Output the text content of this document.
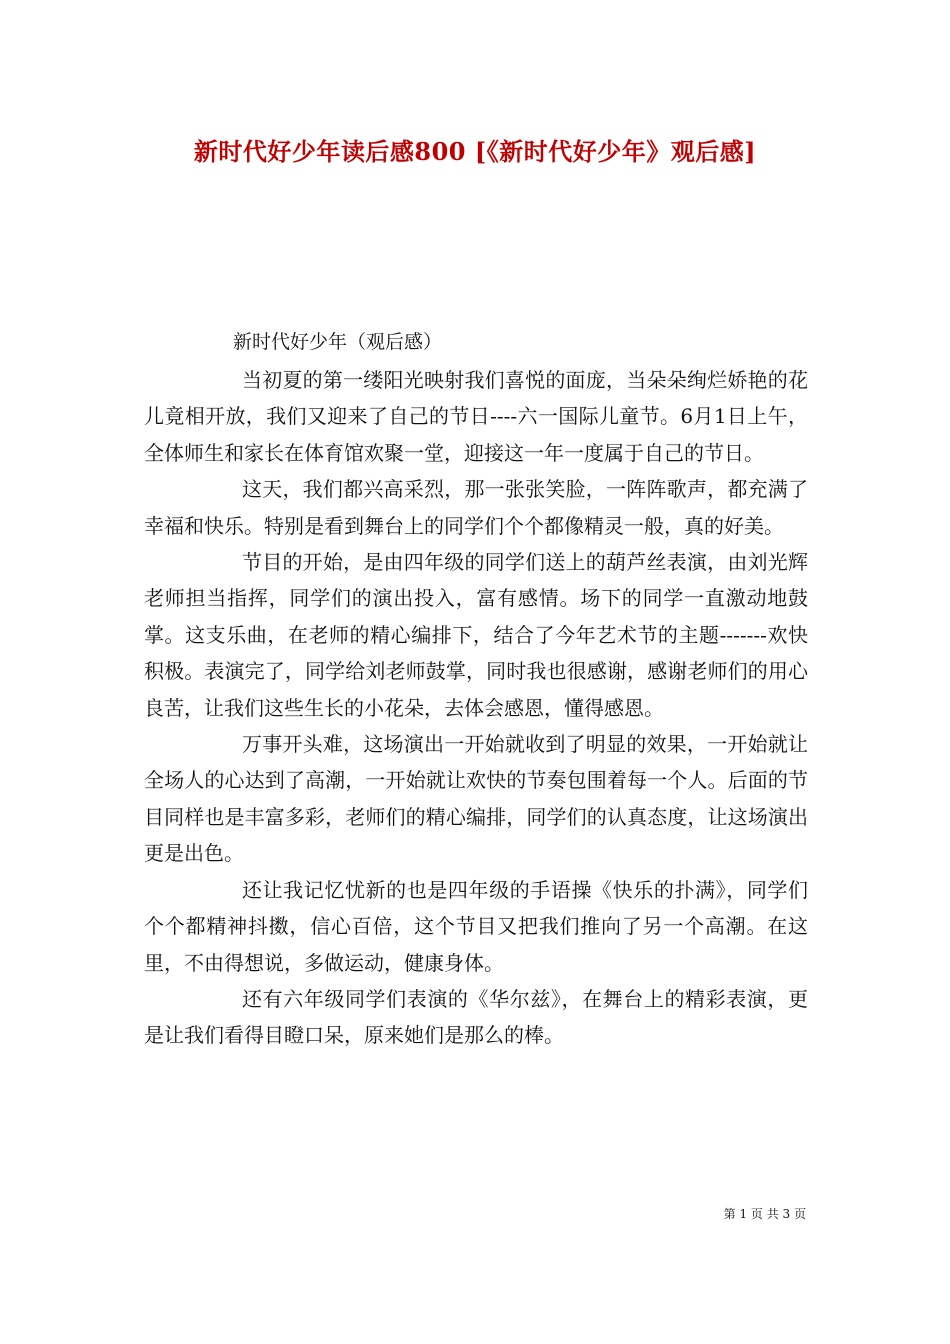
新时代好少年读后感800 [《新时代好少年》观后感]
新时代好少年（观后感）

当初夏的第一缕阳光映射我们喜悦的面庞，当朵朵绚烂娇艳的花儿竟相开放，我们又迎来了自己的节日----六一国际儿童节。6月1日上午，全体师生和家长在体育馆欢聚一堂，迎接这一年一度属于自己的节日。

这天，我们都兴高采烈，那一张张笑脸，一阵阵歌声，都充满了幸福和快乐。特别是看到舞台上的同学们个个都像精灵一般，真的好美。

节目的开始，是由四年级的同学们送上的葫芦丝表演，由刘光辉老师担当指挥，同学们的演出投入，富有感情。场下的同学一直激动地鼓掌。这支乐曲，在老师的精心编排下，结合了今年艺术节的主题-------欢快积极。表演完了，同学给刘老师鼓掌，同时我也很感谢，感谢老师们的用心良苦，让我们这些生长的小花朵，去体会感恩，懂得感恩。

万事开头难，这场演出一开始就收到了明显的效果，一开始就让全场人的心达到了高潮，一开始就让欢快的节奏包围着每一个人。后面的节目同样也是丰富多彩，老师们的精心编排，同学们的认真态度，让这场演出更是出色。

还让我记忆忧新的也是四年级的手语操《快乐的扑满》，同学们个个都精神抖擞，信心百倍，这个节目又把我们推向了另一个高潮。在这里，不由得想说，多做运动，健康身体。

还有六年级同学们表演的《华尔兹》，在舞台上的精彩表演，更是让我们看得目瞪口呆，原来她们是那么的棒。

第 1 页 共 3 页
